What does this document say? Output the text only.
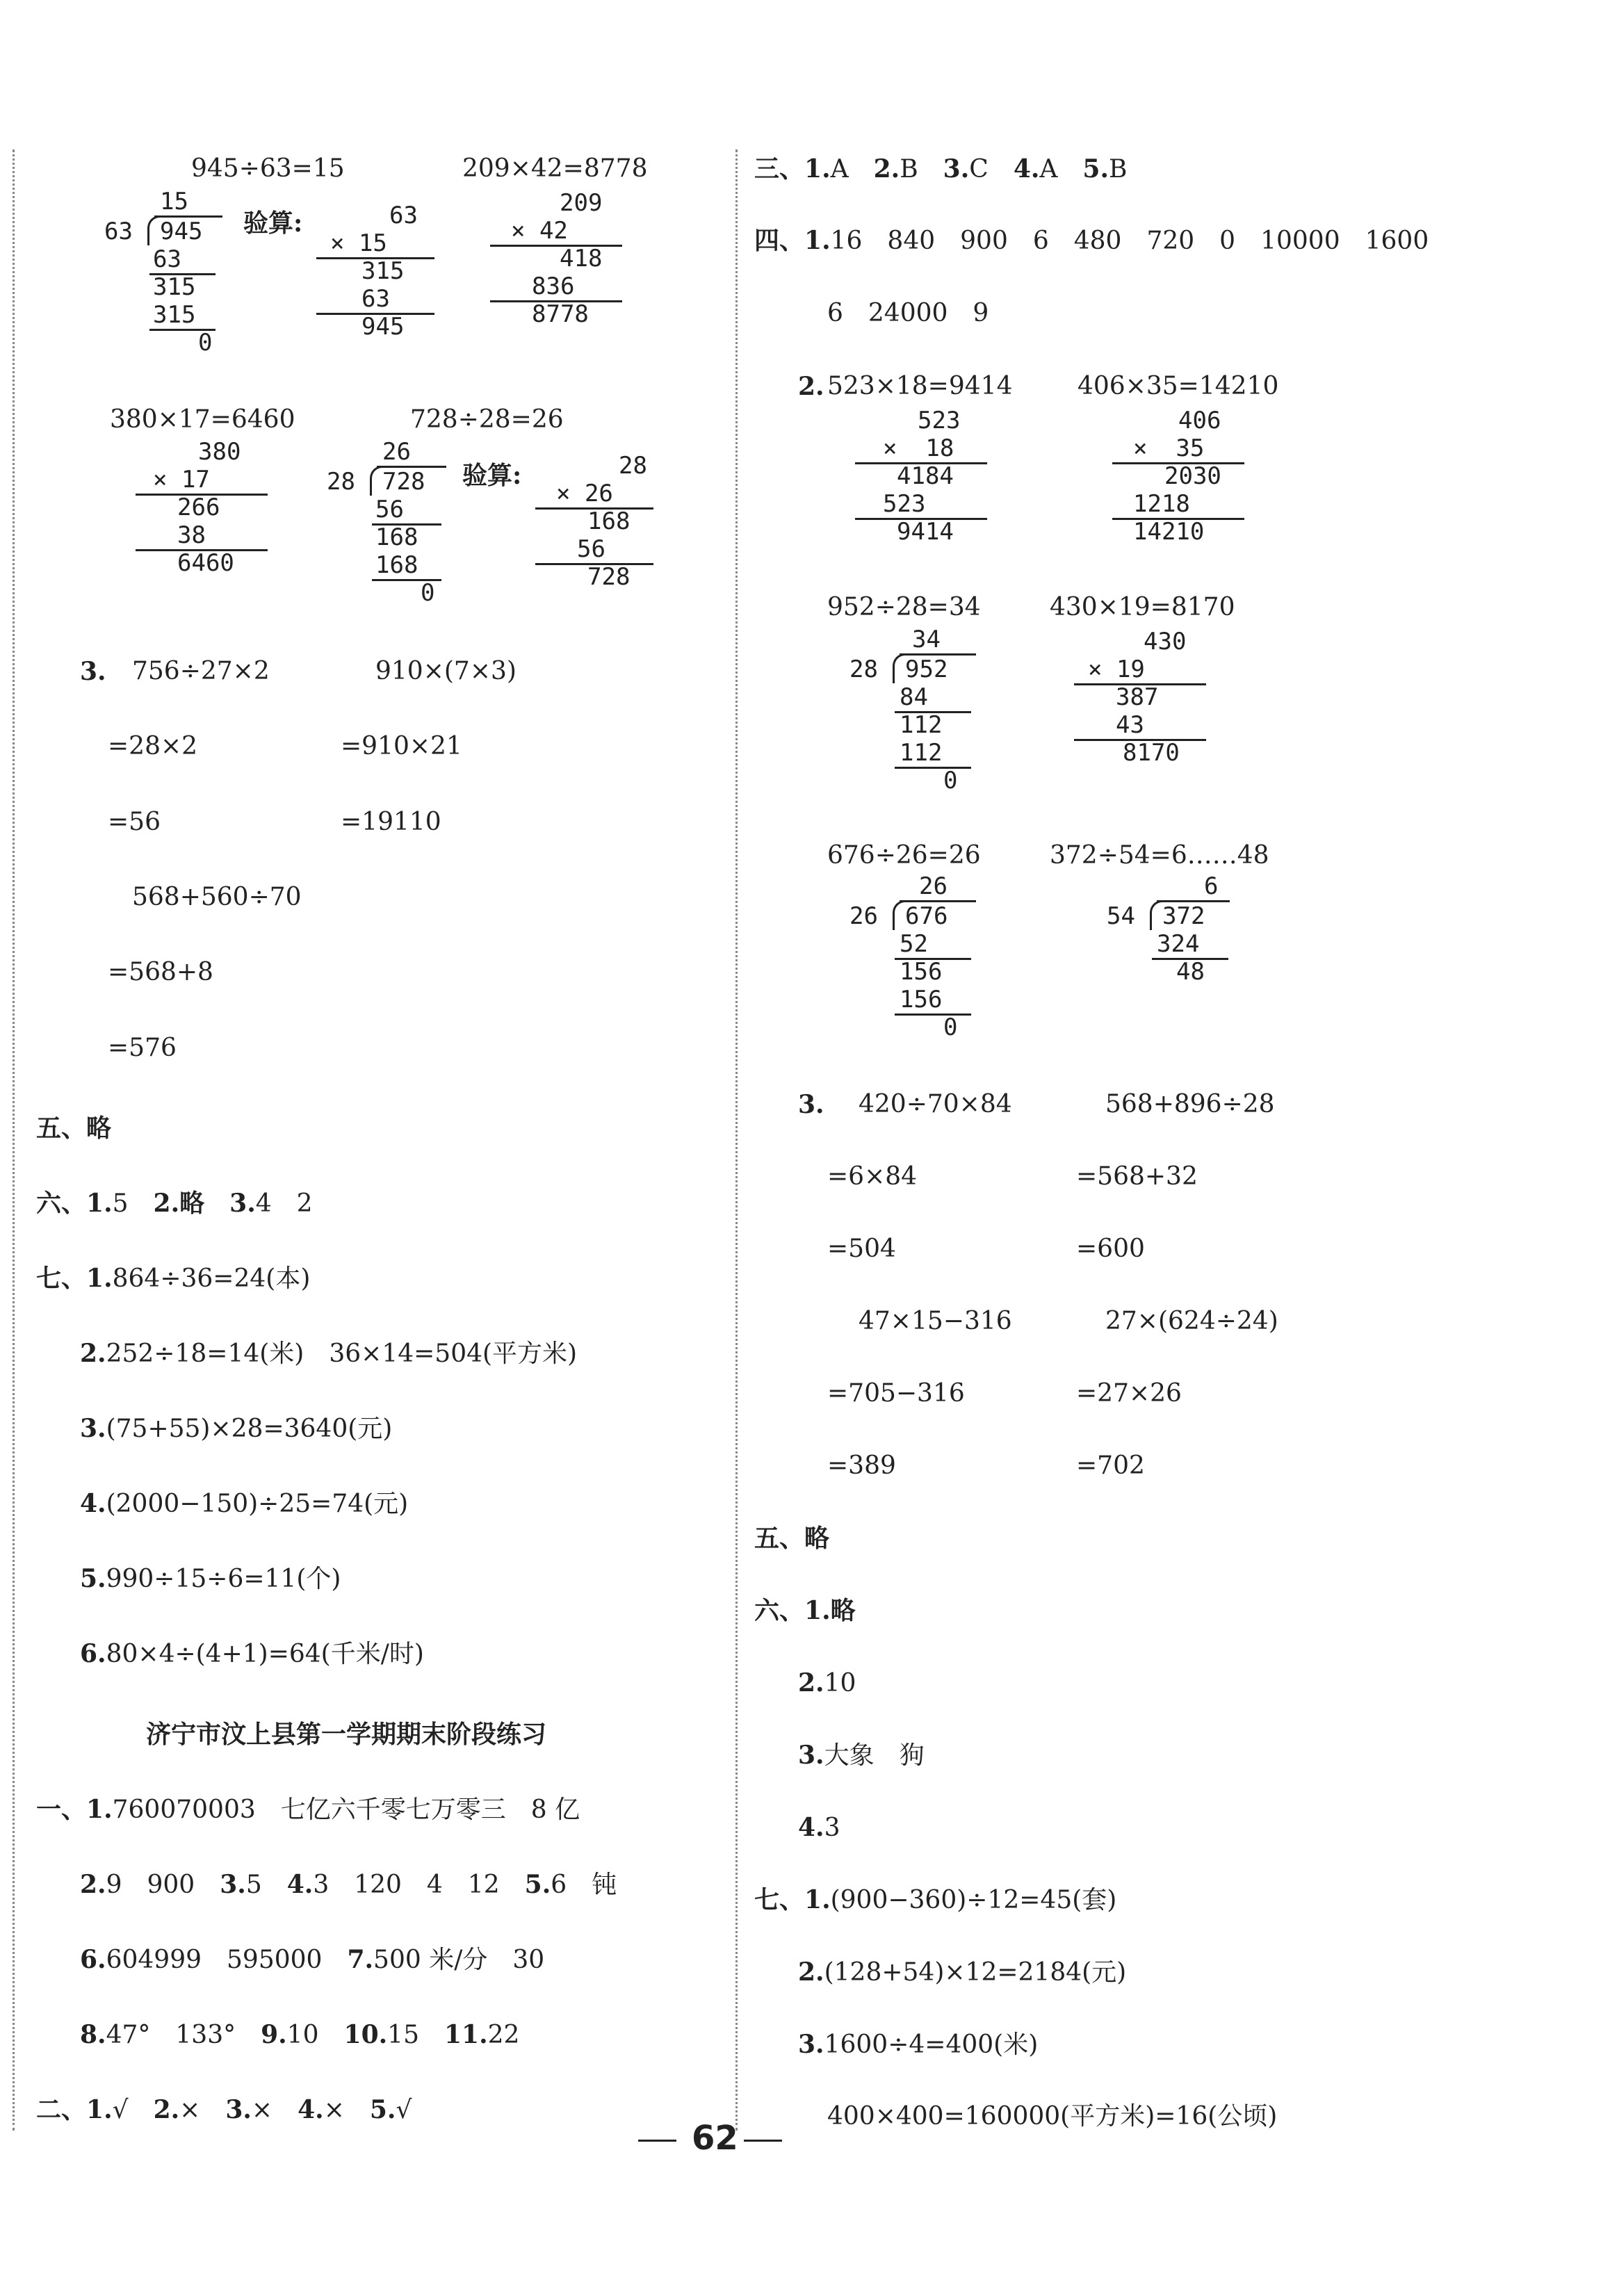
945÷63=15
15
63 945
63
315
315
0
验算:	63
× 15
315
63
945
209×42=8778
209
× 42
418
836
8778
380×17=6460
380
× 17
266
38
6460
728÷28=26
26
28 728
56
168
168
0
验算:	28
× 26
168
56
728
3. 756÷27×2
=28×2
=56
910×(7×3)
=910×21
=19110
568+560÷70
=568+8
=576
五、略
六、1.5　 2.略　 3.4　2
七、1.864÷36=24(本)
2.252÷18=14(米)　36×14=504(平方米)
3.(75+55)×28=3640(元)
4.(2000−150)÷25=74(元)
5.990÷15÷6=11(个)
6.80×4÷(4+1)=64(千米/时)
济宁市汶上县第一学期期末阶段练习
一、1.760070003　七亿六千零七万零三　8 亿
2.9　900　3.5　4.3　120　4　12　5.6　钝
6.604999　595000　7.500 米/分　30
8.47°　133°　9.10　10.15　11.22
二、1.√　2.×　3.×　4.×　5.√
三、1.A　2.B　3.C　4.A　5.B
四、1.16　840　900　6　480　720　0　10000　1600
6　24000　9
2. 523×18=9414
523
×  18
4184
523
9414
406×35=14210
406
×  35
2030
1218
14210
952÷28=34
34
28 952
84
112
112
0
430×19=8170
430
× 19
387
43
8170
676÷26=26
26
26 676
52
156
156
0
372÷54=6……48
6
54 372
324
48
3. 420÷70×84
=6×84
=504
568+896÷28
=568+32
=600
47×15−316
=705−316
=389
27×(624÷24)
=27×26
=702
五、略
六、1.略
2.10
3.大象　狗
4.3
七、1.(900−360)÷12=45(套)
2.(128+54)×12=2184(元)
3.1600÷4=400(米)
400×400=160000(平方米)=16(公顷)
62
